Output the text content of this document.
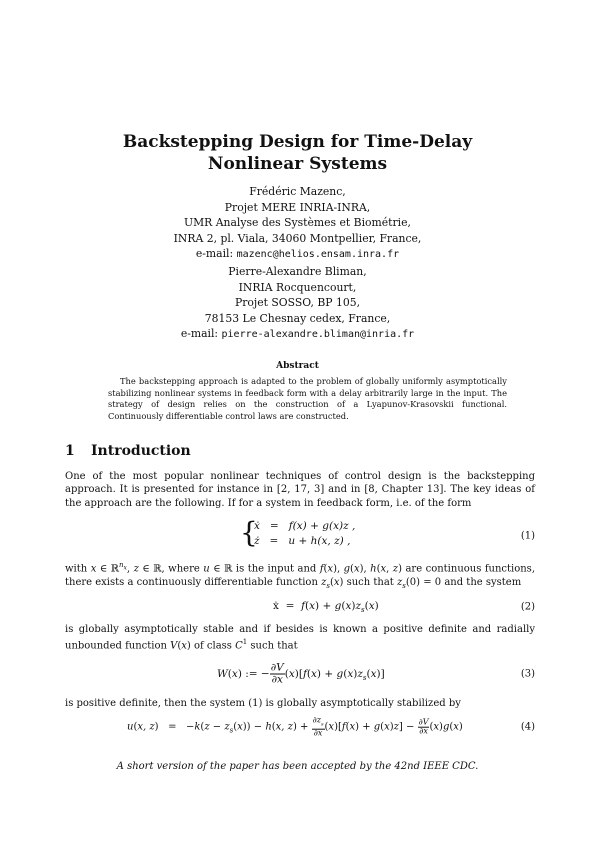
Backstepping Design for Time-Delay
Nonlinear Systems
Frédéric Mazenc,
Projet MERE INRIA-INRA,
UMR Analyse des Systèmes et Biométrie,
INRA 2, pl. Viala, 34060 Montpellier, France,
e-mail: mazenc@helios.ensam.inra.fr
Pierre-Alexandre Bliman,
INRIA Rocquencourt,
Projet SOSSO, BP 105,
78153 Le Chesnay cedex, France,
e-mail: pierre-alexandre.bliman@inria.fr
Abstract
The backstepping approach is adapted to the problem of globally uniformly asymptotically stabilizing nonlinear systems in feedback form with a delay arbitrarily large in the input. The strategy of design relies on the construction of a Lyapunov-Krasovskii functional. Continuously differentiable control laws are constructed.
1 Introduction

One of the most popular nonlinear techniques of control design is the backstepping approach. It is presented for instance in [2, 17, 3] and in [8, Chapter 13]. The key ideas of the approach are the following. If for a system in feedback form, i.e. of the form

{
ẋ   =   f(x) + g(x)z ,
ż   =   u + h(x, z) ,	(1)

with x ∈ ℝ$^{n_x}$, z ∈ ℝ, where u ∈ ℝ is the input and f(x), g(x), h(x, z) are continuous functions, there exists a continuously differentiable function $z_s(x)$ such that $z_s(0) = 0$ and the system

ẋ  =  $f(x) + g(x)z_s(x)$	(2)

is globally asymptotically stable and if besides is known a positive definite and radially unbounded function V(x) of class $C^1$ such that

W(x) := − $\frac{\partial V}{\partial x} (x)[f(x) + g(x)z_s(x)]$	(3)

is positive definite, then the system (1) is globally asymptotically stabilized by

u(x, $z) = -k(z - z_s(x)) - h(x$, $z) + \frac{\partial z_s}{\partial x} (x)[f(x) + g(x)z] - \frac{\partial V}{\partial x} (x)g(x)$	(4)
A short version of the paper has been accepted by the 42nd IEEE CDC.
